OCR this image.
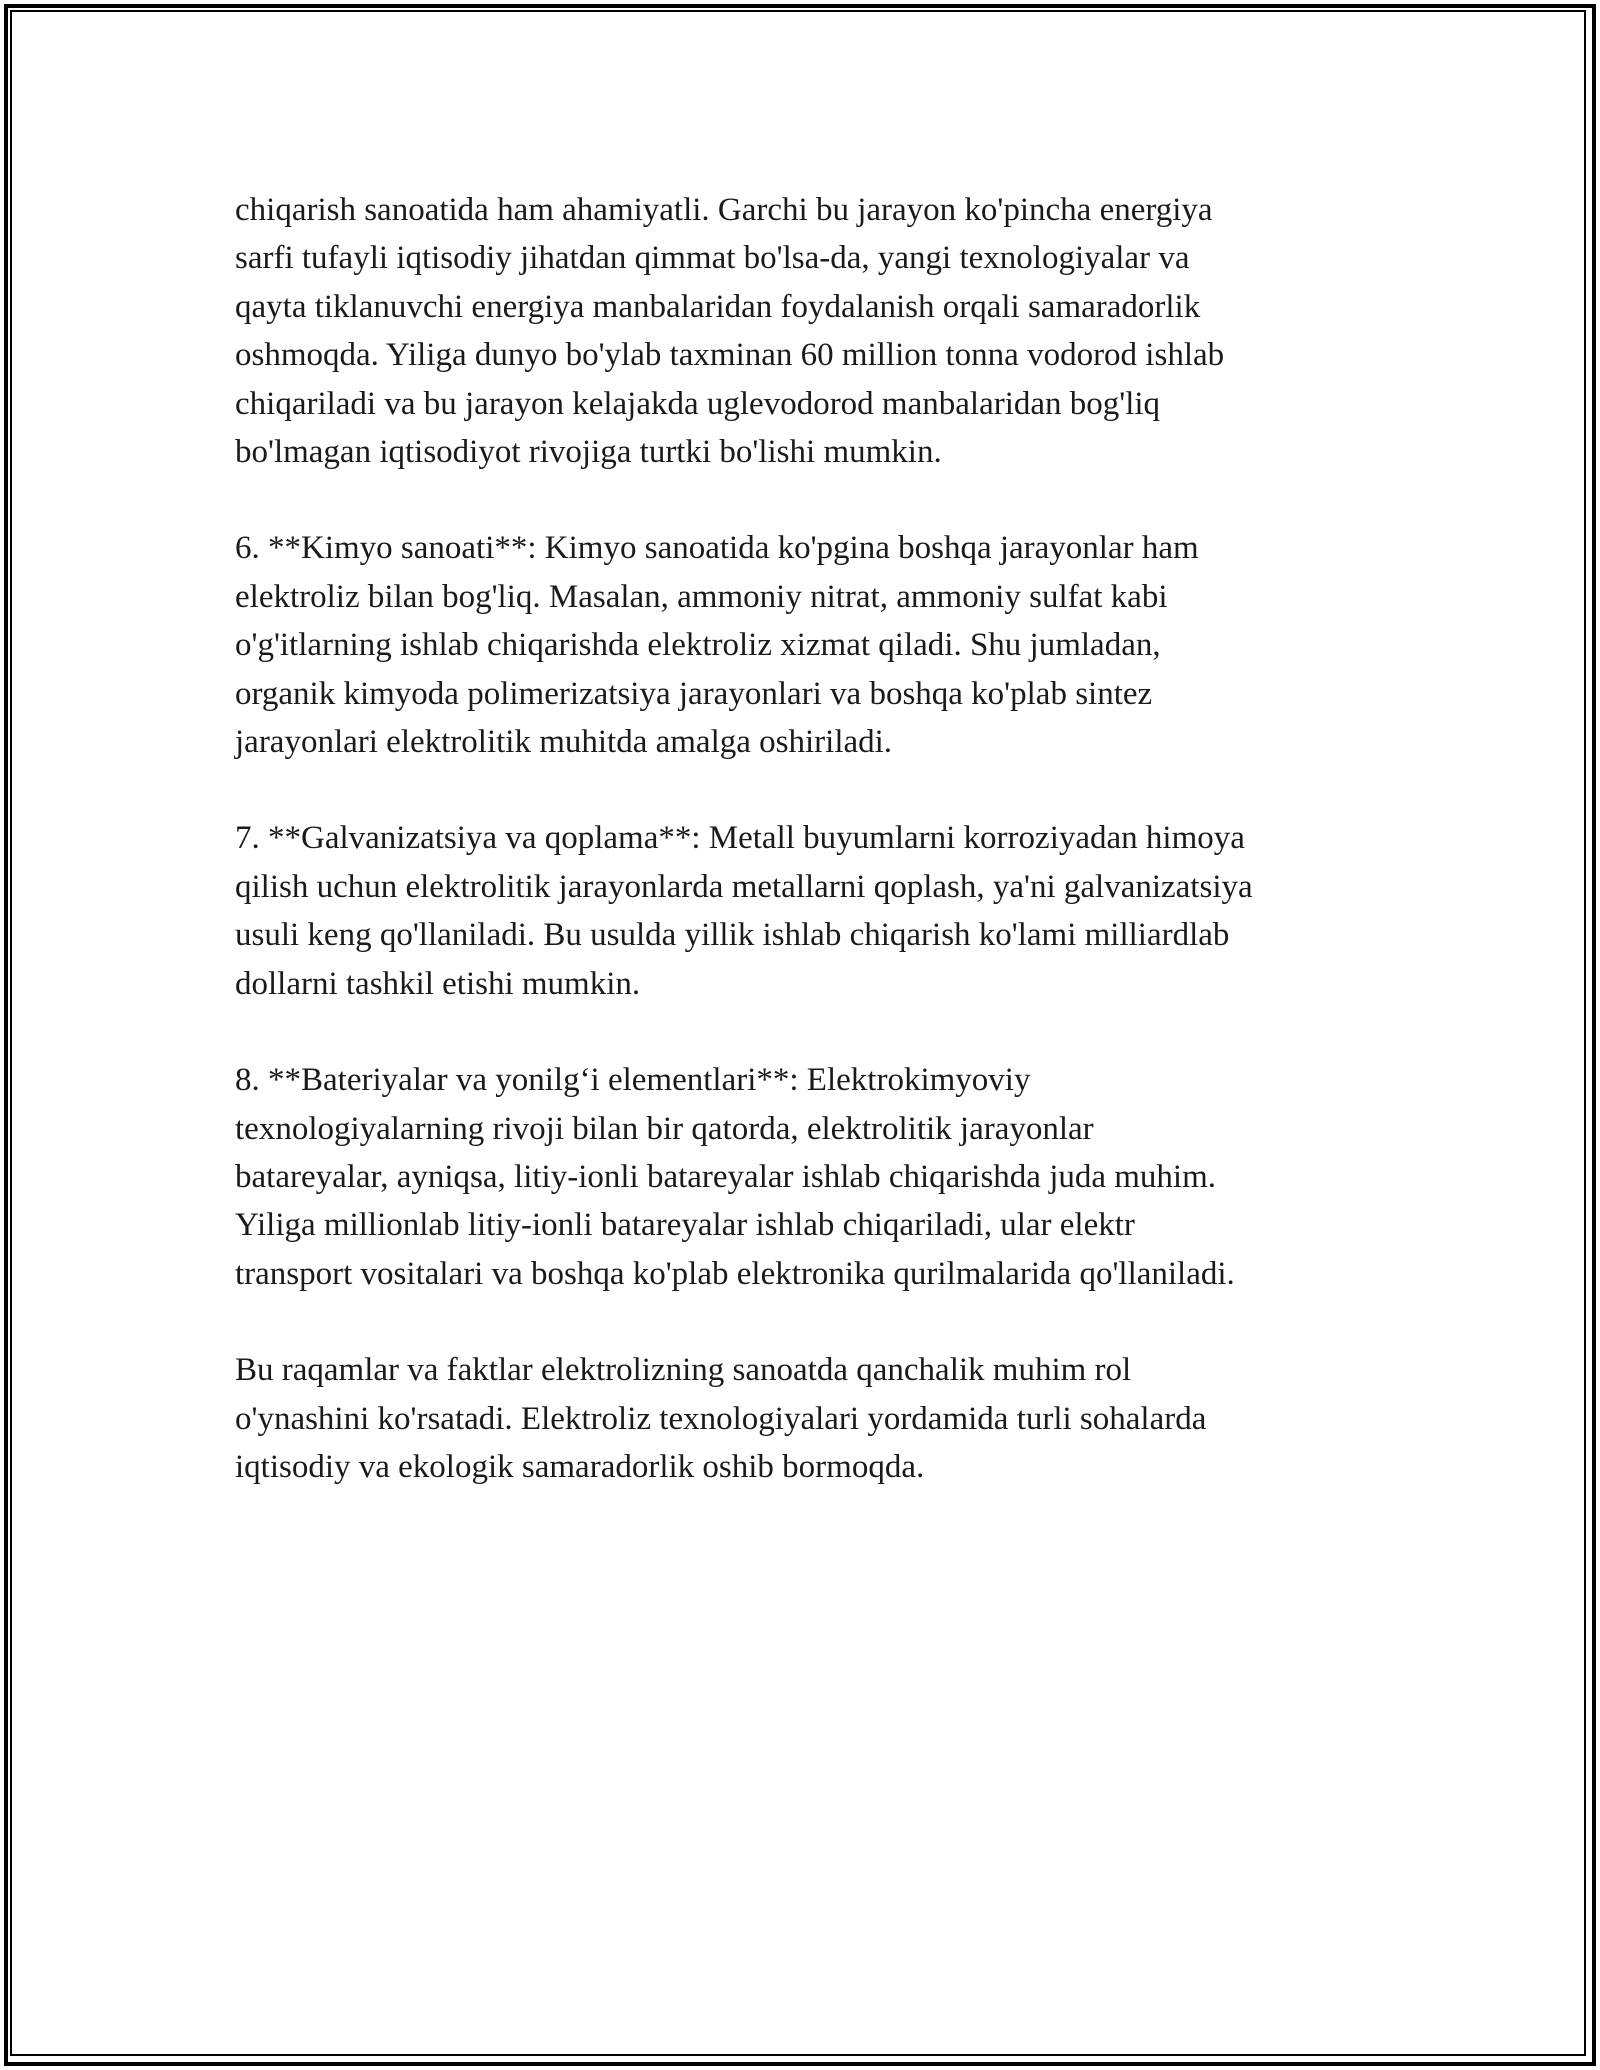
chiqarish sanoatida ham ahamiyatli. Garchi bu jarayon ko'pincha energiya
sarfi tufayli iqtisodiy jihatdan qimmat bo'lsa-da, yangi texnologiyalar va
qayta tiklanuvchi energiya manbalaridan foydalanish orqali samaradorlik
oshmoqda. Yiliga dunyo bo'ylab taxminan 60 million tonna vodorod ishlab
chiqariladi va bu jarayon kelajakda uglevodorod manbalaridan bog'liq
bo'lmagan iqtisodiyot rivojiga turtki bo'lishi mumkin.

6. **Kimyo sanoati**: Kimyo sanoatida ko'pgina boshqa jarayonlar ham
elektroliz bilan bog'liq. Masalan, ammoniy nitrat, ammoniy sulfat kabi
o'g'itlarning ishlab chiqarishda elektroliz xizmat qiladi. Shu jumladan,
organik kimyoda polimerizatsiya jarayonlari va boshqa ko'plab sintez
jarayonlari elektrolitik muhitda amalga oshiriladi.

7. **Galvanizatsiya va qoplama**: Metall buyumlarni korroziyadan himoya
qilish uchun elektrolitik jarayonlarda metallarni qoplash, ya'ni galvanizatsiya
usuli keng qo'llaniladi. Bu usulda yillik ishlab chiqarish ko'lami milliardlab
dollarni tashkil etishi mumkin.

8. **Bateriyalar va yonilg‘i elementlari**: Elektrokimyoviy
texnologiyalarning rivoji bilan bir qatorda, elektrolitik jarayonlar
batareyalar, ayniqsa, litiy-ionli batareyalar ishlab chiqarishda juda muhim.
Yiliga millionlab litiy-ionli batareyalar ishlab chiqariladi, ular elektr
transport vositalari va boshqa ko'plab elektronika qurilmalarida qo'llaniladi.

Bu raqamlar va faktlar elektrolizning sanoatda qanchalik muhim rol
o'ynashini ko'rsatadi. Elektroliz texnologiyalari yordamida turli sohalarda
iqtisodiy va ekologik samaradorlik oshib bormoqda.
